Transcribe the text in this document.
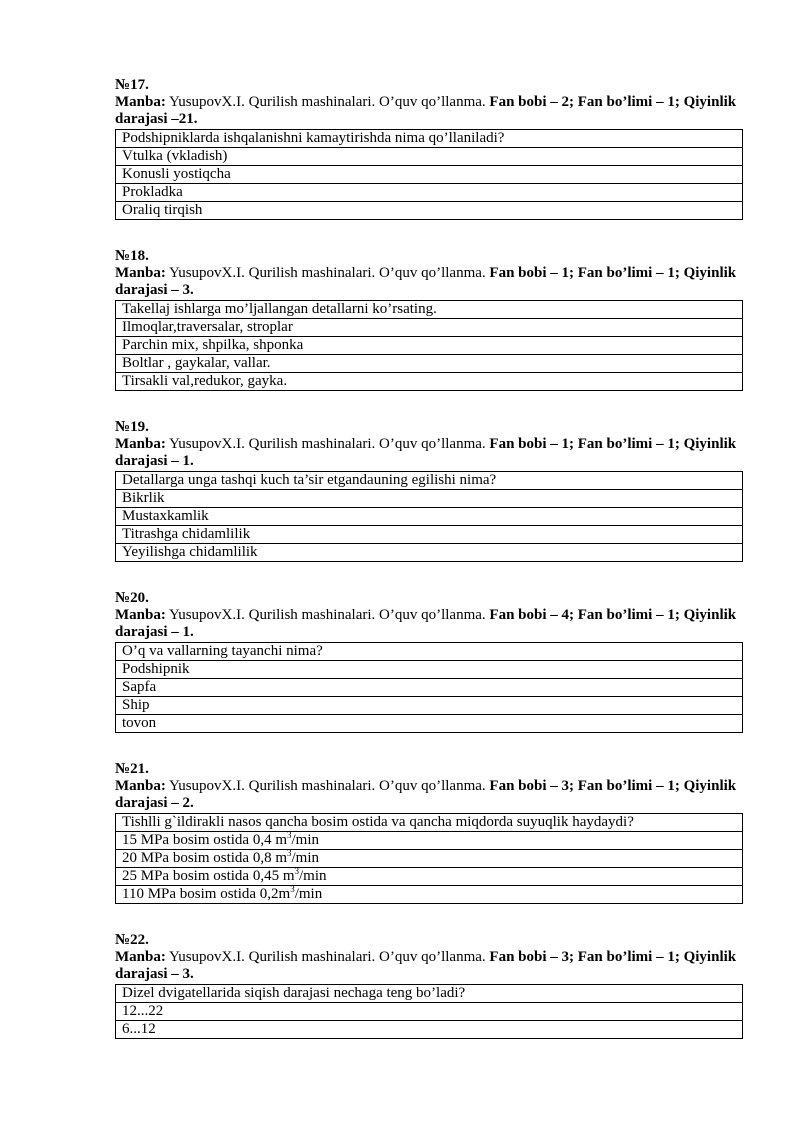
№17.
Manba: YusupovX.I. Qurilish mashinalari. O’quv qo’llanma. Fan bobi – 2; Fan bo’limi – 1; Qiyinlik darajasi –21.
Podshipniklarda ishqalanishni kamaytirishda nima qo’llaniladi?
Vtulka (vkladish)
Konusli yostiqcha
Prokladka
Oraliq tirqish
№18.
Manba: YusupovX.I. Qurilish mashinalari. O’quv qo’llanma. Fan bobi – 1; Fan bo’limi – 1; Qiyinlik darajasi – 3.
Takellaj ishlarga mo’ljallangan detallarni ko’rsating.
Ilmoqlar,traversalar, stroplar
Parchin mix, shpilka, shponka
Boltlar , gaykalar, vallar.
Tirsakli val,redukor, gayka.
№19.
Manba: YusupovX.I. Qurilish mashinalari. O’quv qo’llanma. Fan bobi – 1; Fan bo’limi – 1; Qiyinlik darajasi – 1.
Detallarga unga tashqi kuch ta’sir etgandauning egilishi nima?
Bikrlik
Mustaxkamlik
Titrashga chidamlilik
Yeyilishga chidamlilik
№20.
Manba: YusupovX.I. Qurilish mashinalari. O’quv qo’llanma. Fan bobi – 4; Fan bo’limi – 1; Qiyinlik darajasi – 1.
O’q va vallarning tayanchi nima?
Podshipnik
Sapfa
Ship
tovon
№21.
Manba: YusupovX.I. Qurilish mashinalari. O’quv qo’llanma. Fan bobi – 3; Fan bo’limi – 1; Qiyinlik darajasi – 2.
Tishlli g`ildirakli nasos qancha bosim ostida va qancha miqdorda suyuqlik haydaydi?
15 MPa bosim ostida 0,4 $m^3/\min$
20 MPa bosim ostida 0,8 $m^3/\min$
25 MPa bosim ostida 0,45 $m^3/\min$
110 MPa bosim ostida $0,2m^3/\min$
№22.
Manba: YusupovX.I. Qurilish mashinalari. O’quv qo’llanma. Fan bobi – 3; Fan bo’limi – 1; Qiyinlik darajasi – 3.
Dizel dvigatellarida siqish darajasi nechaga teng bo’ladi?
12...22
6...12
